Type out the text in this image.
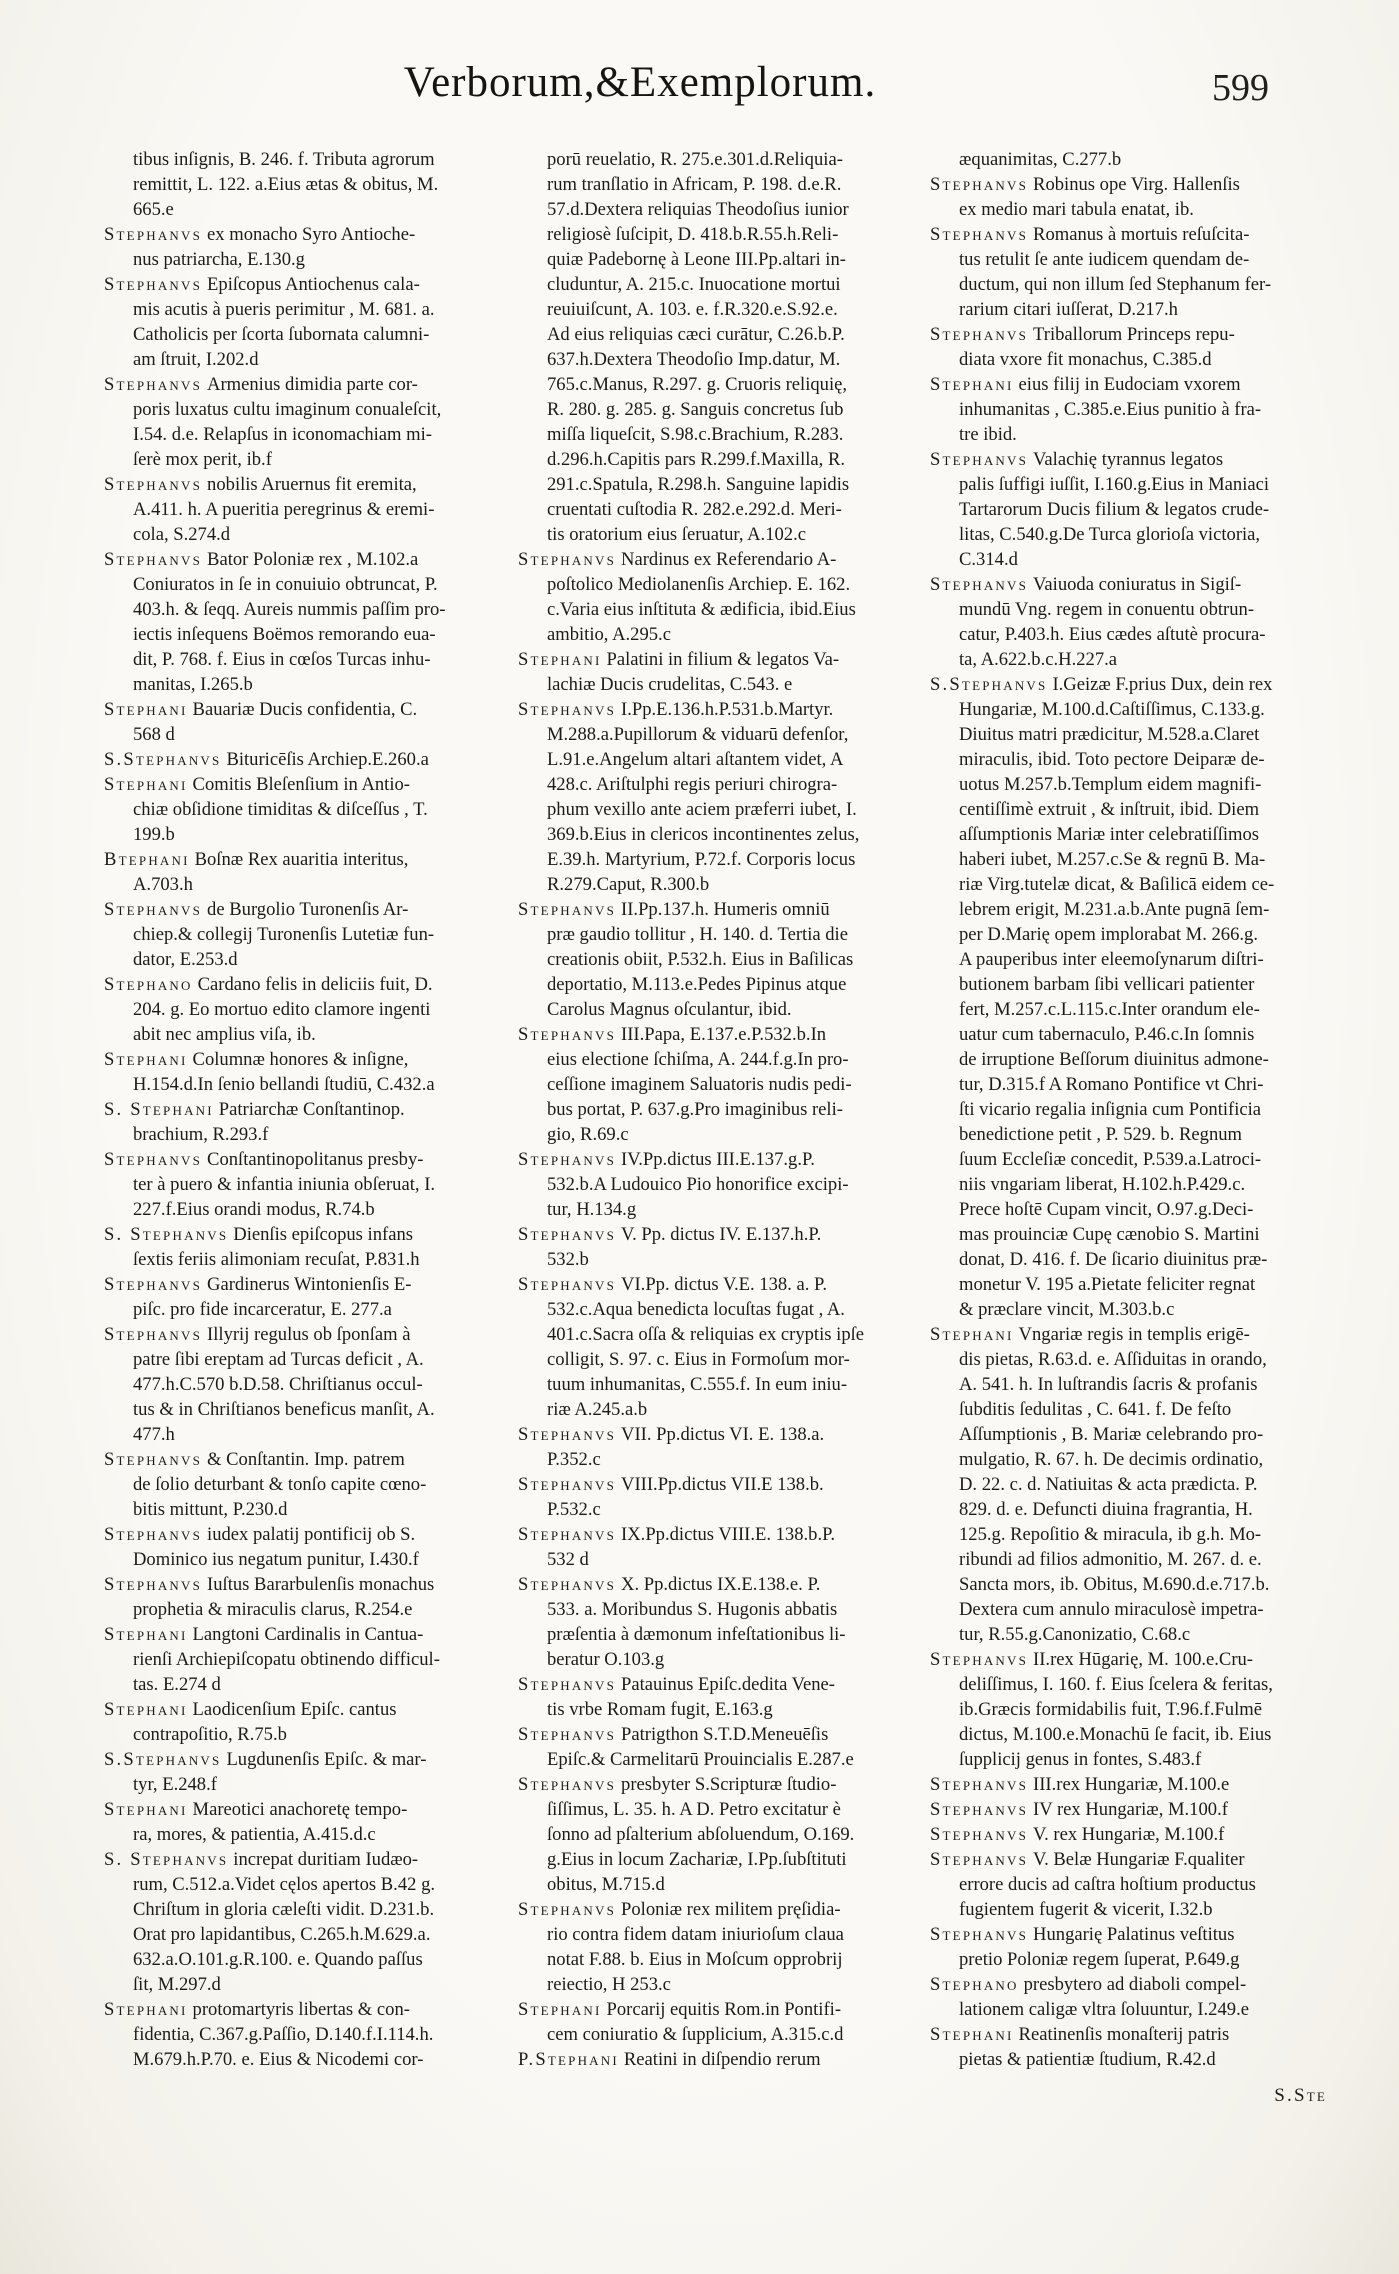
Verborum,&Exemplorum.	599
tibus inſignis, B. 246. f. Tributa agrorum
remittit, L. 122. a.Eius ætas & obitus, M.
665.e
Stephanvs ex monacho Syro Antioche-
nus patriarcha, E.130.g
Stephanvs Epiſcopus Antiochenus cala-
mis acutis à pueris perimitur , M. 681. a.
Catholicis per ſcorta ſubornata calumni-
am ſtruit, I.202.d
Stephanvs Armenius dimidia parte cor-
poris luxatus cultu imaginum conualeſcit,
I.54. d.e. Relapſus in iconomachiam mi-
ſerè mox perit, ib.f
Stephanvs nobilis Aruernus fit eremita,
A.411. h. A pueritia peregrinus & eremi-
cola, S.274.d
Stephanvs Bator Poloniæ rex , M.102.a
Coniuratos in ſe in conuiuio obtruncat, P.
403.h. & ſeqq. Aureis nummis paſſim pro-
iectis inſequens Boëmos remorando eua-
dit, P. 768. f. Eius in cœſos Turcas inhu-
manitas, I.265.b
Stephani Bauariæ Ducis confidentia, C.
568 d
S.Stephanvs Bituricēſis Archiep.E.260.a
Stephani Comitis Bleſenſium in Antio-
chiæ obſidione timiditas & diſceſſus , T.
199.b
Btephani Boſnæ Rex auaritia interitus,
A.703.h
Stephanvs de Burgolio Turonenſis Ar-
chiep.& collegij Turonenſis Lutetiæ fun-
dator, E.253.d
Stephano Cardano felis in deliciis fuit, D.
204. g. Eo mortuo edito clamore ingenti
abit nec amplius viſa, ib.
Stephani Columnæ honores & inſigne,
H.154.d.In ſenio bellandi ſtudiū, C.432.a
S. Stephani Patriarchæ Conſtantinop.
brachium, R.293.f
Stephanvs Conſtantinopolitanus presby-
ter à puero & infantia iniunia obſeruat, I.
227.f.Eius orandi modus, R.74.b
S. Stephanvs Dienſis epiſcopus infans
ſextis feriis alimoniam recuſat, P.831.h
Stephanvs Gardinerus Wintonienſis E-
piſc. pro fide incarceratur, E. 277.a
Stephanvs Illyrij regulus ob ſponſam à
patre ſibi ereptam ad Turcas deficit , A.
477.h.C.570 b.D.58. Chriſtianus occul-
tus & in Chriſtianos beneficus manſit, A.
477.h
Stephanvs & Conſtantin. Imp. patrem
de ſolio deturbant & tonſo capite cœno-
bitis mittunt, P.230.d
Stephanvs iudex palatij pontificij ob S.
Dominico ius negatum punitur, I.430.f
Stephanvs Iuſtus Bararbulenſis monachus
prophetia & miraculis clarus, R.254.e
Stephani Langtoni Cardinalis in Cantua-
rienſi Archiepiſcopatu obtinendo difficul-
tas. E.274 d
Stephani Laodicenſium Epiſc. cantus
contrapoſitio, R.75.b
S.Stephanvs Lugdunenſis Epiſc. & mar-
tyr, E.248.f
Stephani Mareotici anachoretę tempo-
ra, mores, & patientia, A.415.d.c
S. Stephanvs increpat duritiam Iudæo-
rum, C.512.a.Videt cęlos apertos B.42 g.
Chriſtum in gloria cæleſti vidit. D.231.b.
Orat pro lapidantibus, C.265.h.M.629.a.
632.a.O.101.g.R.100. e. Quando paſſus
ſit, M.297.d
Stephani protomartyris libertas & con-
fidentia, C.367.g.Paſſio, D.140.f.I.114.h.
M.679.h.P.70. e. Eius & Nicodemi cor-
porū reuelatio, R. 275.e.301.d.Reliquia-
rum tranſlatio in Africam, P. 198. d.e.R.
57.d.Dextera reliquias Theodoſius iunior
religiosè ſuſcipit, D. 418.b.R.55.h.Reli-
quiæ Padebornę à Leone III.Pp.altari in-
cluduntur, A. 215.c. Inuocatione mortui
reuiuiſcunt, A. 103. e. f.R.320.e.S.92.e.
Ad eius reliquias cæci curātur, C.26.b.P.
637.h.Dextera Theodoſio Imp.datur, M.
765.c.Manus, R.297. g. Cruoris reliquię,
R. 280. g. 285. g. Sanguis concretus ſub
miſſa liqueſcit, S.98.c.Brachium, R.283.
d.296.h.Capitis pars R.299.f.Maxilla, R.
291.c.Spatula, R.298.h. Sanguine lapidis
cruentati cuſtodia R. 282.e.292.d. Meri-
tis oratorium eius ſeruatur, A.102.c
Stephanvs Nardinus ex Referendario A-
poſtolico Mediolanenſis Archiep. E. 162.
c.Varia eius inſtituta & ædificia, ibid.Eius
ambitio, A.295.c
Stephani Palatini in filium & legatos Va-
lachiæ Ducis crudelitas, C.543. e
Stephanvs I.Pp.E.136.h.P.531.b.Martyr.
M.288.a.Pupillorum & viduarū defenſor,
L.91.e.Angelum altari aſtantem videt, A
428.c. Ariſtulphi regis periuri chirogra-
phum vexillo ante aciem præferri iubet, I.
369.b.Eius in clericos incontinentes zelus,
E.39.h. Martyrium, P.72.f. Corporis locus
R.279.Caput, R.300.b
Stephanvs II.Pp.137.h. Humeris omniū
præ gaudio tollitur , H. 140. d. Tertia die
creationis obiit, P.532.h. Eius in Baſilicas
deportatio, M.113.e.Pedes Pipinus atque
Carolus Magnus oſculantur, ibid.
Stephanvs III.Papa, E.137.e.P.532.b.In
eius electione ſchiſma, A. 244.f.g.In pro-
ceſſione imaginem Saluatoris nudis pedi-
bus portat, P. 637.g.Pro imaginibus reli-
gio, R.69.c
Stephanvs IV.Pp.dictus III.E.137.g.P.
532.b.A Ludouico Pio honorifice excipi-
tur, H.134.g
Stephanvs V. Pp. dictus IV. E.137.h.P.
532.b
Stephanvs VI.Pp. dictus V.E. 138. a. P.
532.c.Aqua benedicta locuſtas fugat , A.
401.c.Sacra oſſa & reliquias ex cryptis ipſe
colligit, S. 97. c. Eius in Formoſum mor-
tuum inhumanitas, C.555.f. In eum iniu-
riæ A.245.a.b
Stephanvs VII. Pp.dictus VI. E. 138.a.
P.352.c
Stephanvs VIII.Pp.dictus VII.E 138.b.
P.532.c
Stephanvs IX.Pp.dictus VIII.E. 138.b.P.
532 d
Stephanvs X. Pp.dictus IX.E.138.e. P.
533. a. Moribundus S. Hugonis abbatis
præſentia à dæmonum infeſtationibus li-
beratur O.103.g
Stephanvs Patauinus Epiſc.dedita Vene-
tis vrbe Romam fugit, E.163.g
Stephanvs Patrigthon S.T.D.Meneuēſis
Epiſc.& Carmelitarū Prouincialis E.287.e
Stephanvs presbyter S.Scripturæ ſtudio-
ſiſſimus, L. 35. h. A D. Petro excitatur è
ſonno ad pſalterium abſoluendum, O.169.
g.Eius in locum Zachariæ, I.Pp.ſubſtituti
obitus, M.715.d
Stephanvs Poloniæ rex militem pręſidia-
rio contra fidem datam iniurioſum claua
notat F.88. b. Eius in Moſcum opprobrij
reiectio, H 253.c
Stephani Porcarij equitis Rom.in Pontifi-
cem coniuratio & ſupplicium, A.315.c.d
P.Stephani Reatini in diſpendio rerum
æquanimitas, C.277.b
Stephanvs Robinus ope Virg. Hallenſis
ex medio mari tabula enatat, ib.
Stephanvs Romanus à mortuis reſuſcita-
tus retulit ſe ante iudicem quendam de-
ductum, qui non illum ſed Stephanum fer-
rarium citari iuſſerat, D.217.h
Stephanvs Triballorum Princeps repu-
diata vxore fit monachus, C.385.d
Stephani eius filij in Eudociam vxorem
inhumanitas , C.385.e.Eius punitio à fra-
tre ibid.
Stephanvs Valachię tyrannus legatos
palis ſuffigi iuſſit, I.160.g.Eius in Maniaci
Tartarorum Ducis filium & legatos crude-
litas, C.540.g.De Turca glorioſa victoria,
C.314.d
Stephanvs Vaiuoda coniuratus in Sigiſ-
mundū Vng. regem in conuentu obtrun-
catur, P.403.h. Eius cædes aſtutè procura-
ta, A.622.b.c.H.227.a
S.Stephanvs I.Geizæ F.prius Dux, dein rex
Hungariæ, M.100.d.Caſtiſſimus, C.133.g.
Diuitus matri prædicitur, M.528.a.Claret
miraculis, ibid. Toto pectore Deiparæ de-
uotus M.257.b.Templum eidem magnifi-
centiſſimè extruit , & inſtruit, ibid. Diem
aſſumptionis Mariæ inter celebratiſſimos
haberi iubet, M.257.c.Se & regnū B. Ma-
riæ Virg.tutelæ dicat, & Baſilicā eidem ce-
lebrem erigit, M.231.a.b.Ante pugnā ſem-
per D.Marię opem implorabat M. 266.g.
A pauperibus inter eleemoſynarum diſtri-
butionem barbam ſibi vellicari patienter
fert, M.257.c.L.115.c.Inter orandum ele-
uatur cum tabernaculo, P.46.c.In ſomnis
de irruptione Beſſorum diuinitus admone-
tur, D.315.f A Romano Pontifice vt Chri-
ſti vicario regalia inſignia cum Pontificia
benedictione petit , P. 529. b. Regnum
ſuum Eccleſiæ concedit, P.539.a.Latroci-
niis vngariam liberat, H.102.h.P.429.c.
Prece hoſtē Cupam vincit, O.97.g.Deci-
mas prouinciæ Cupę cænobio S. Martini
donat, D. 416. f. De ſicario diuinitus præ-
monetur V. 195 a.Pietate feliciter regnat
& præclare vincit, M.303.b.c
Stephani Vngariæ regis in templis erigē-
dis pietas, R.63.d. e. Aſſiduitas in orando,
A. 541. h. In luſtrandis ſacris & profanis
ſubditis ſedulitas , C. 641. f. De feſto
Aſſumptionis , B. Mariæ celebrando pro-
mulgatio, R. 67. h. De decimis ordinatio,
D. 22. c. d. Natiuitas & acta prædicta. P.
829. d. e. Defuncti diuina fragrantia, H.
125.g. Repoſitio & miracula, ib g.h. Mo-
ribundi ad filios admonitio, M. 267. d. e.
Sancta mors, ib. Obitus, M.690.d.e.717.b.
Dextera cum annulo miraculosè impetra-
tur, R.55.g.Canonizatio, C.68.c
Stephanvs II.rex Hūgarię, M. 100.e.Cru-
deliſſimus, I. 160. f. Eius ſcelera & feritas,
ib.Græcis formidabilis fuit, T.96.f.Fulmē
dictus, M.100.e.Monachū ſe facit, ib. Eius
ſupplicij genus in fontes, S.483.f
Stephanvs III.rex Hungariæ, M.100.e
Stephanvs IV rex Hungariæ, M.100.f
Stephanvs V. rex Hungariæ, M.100.f
Stephanvs V. Belæ Hungariæ F.qualiter
errore ducis ad caſtra hoſtium productus
fugientem fugerit & vicerit, I.32.b
Stephanvs Hungarię Palatinus veſtitus
pretio Poloniæ regem ſuperat, P.649.g
Stephano presbytero ad diaboli compel-
lationem caligæ vltra ſoluuntur, I.249.e
Stephani Reatinenſis monaſterij patris
pietas & patientiæ ſtudium, R.42.d
S.Ste
